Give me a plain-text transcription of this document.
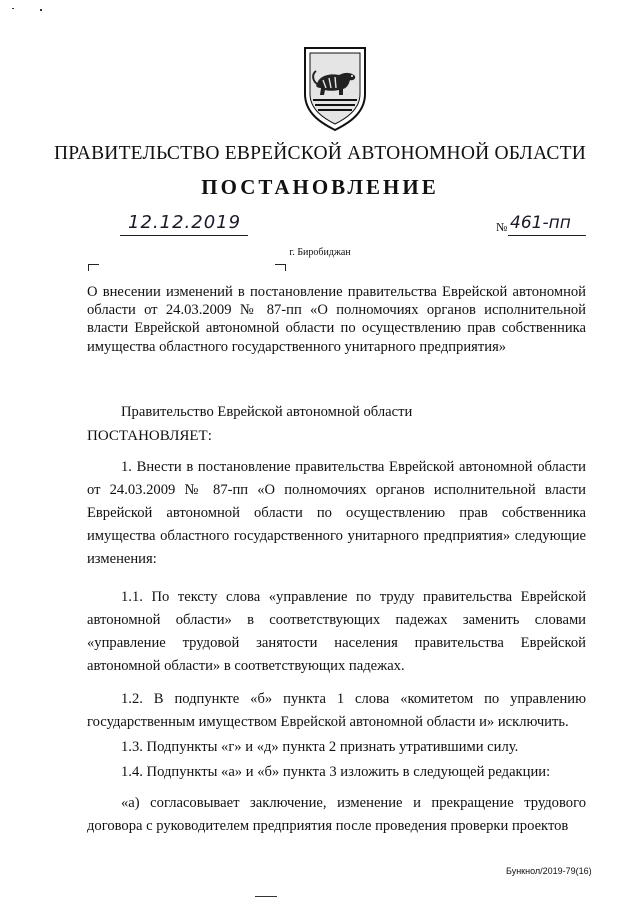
ПРАВИТЕЛЬСТВО ЕВРЕЙСКОЙ АВТОНОМНОЙ ОБЛАСТИ
ПОСТАНОВЛЕНИЕ
12.12.2019	№ 461-пп
г. Биробиджан
О внесении изменений в постановление правительства Еврейской автономной области от 24.03.2009 № 87-пп «О полномочиях органов исполнительной власти Еврейской автономной области по осуществлению прав собственника имущества областного государственного унитарного предприятия»
Правительство Еврейской автономной области
ПОСТАНОВЛЯЕТ:
1. Внести в постановление правительства Еврейской автономной области от 24.03.2009 № 87-пп «О полномочиях органов исполнительной власти Еврейской автономной области по осуществлению прав собственника имущества областного государственного унитарного предприятия» следующие изменения:
1.1. По тексту слова «управление по труду правительства Еврейской автономной области» в соответствующих падежах заменить словами «управление трудовой занятости населения правительства Еврейской автономной области» в соответствующих падежах.
1.2. В подпункте «б» пункта 1 слова «комитетом по управлению государственным имуществом Еврейской автономной области и» исключить.
1.3. Подпункты «г» и «д» пункта 2 признать утратившими силу.
1.4. Подпункты «а» и «б» пункта 3 изложить в следующей редакции:
«а) согласовывает заключение, изменение и прекращение трудового договора с руководителем предприятия после проведения проверки проектов
Бункнол/2019-79(16)
